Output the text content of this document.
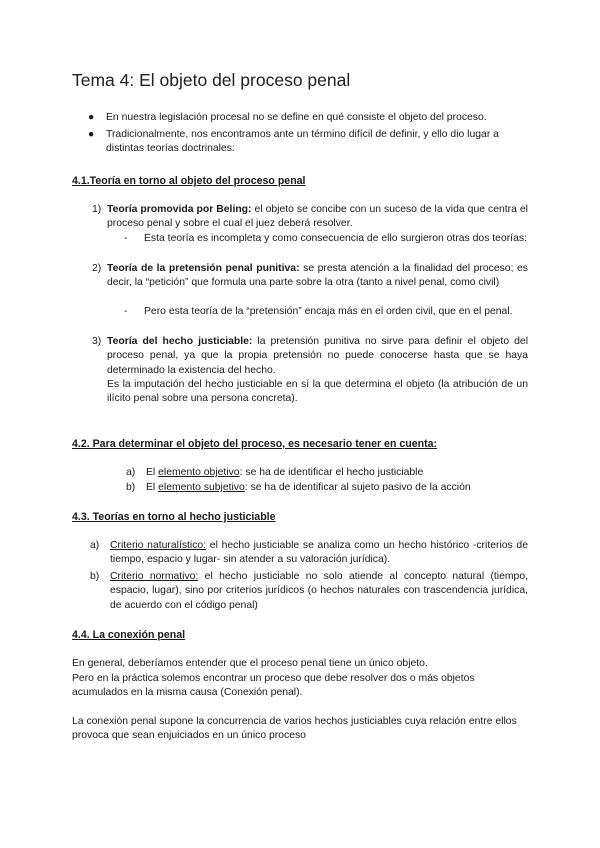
Tema 4: El objeto del proceso penal
● En nuestra legislación procesal no se define en qué consiste el objeto del proceso.
● Tradicionalmente, nos encontramos ante un término difícil de definir, y ello dio lugar a distintas teorías doctrinales:
4.1.Teoría en torno al objeto del proceso penal
1) Teoría promovida por Beling: el objeto se concibe con un suceso de la vida que centra el proceso penal y sobre el cual el juez deberá resolver.
- Esta teoría es incompleta y como consecuencia de ello surgieron otras dos teorías:
2) Teoría de la pretensión penal punitiva: se presta atención a la finalidad del proceso; es decir, la “petición” que formula una parte sobre la otra (tanto a nivel penal, como civil)
- Pero esta teoría de la “pretensión” encaja más en el orden civil, que en el penal.
3) Teoría del hecho justiciable: la pretensión punitiva no sirve para definir el objeto del proceso penal, ya que la propia pretensión no puede conocerse hasta que se haya determinado la existencia del hecho.
Es la imputación del hecho justiciable en sí la que determina el objeto (la atribución de un ilícito penal sobre una persona concreta).
4.2. Para determinar el objeto del proceso, es necesario tener en cuenta:
a) El elemento objetivo: se ha de identificar el hecho justiciable
b) El elemento subjetivo: se ha de identificar al sujeto pasivo de la acción
4.3. Teorías en torno al hecho justiciable
a) Criterio naturalístico: el hecho justiciable se analiza como un hecho histórico -criterios de tiempo, espacio y lugar- sin atender a su valoración jurídica).
b) Criterio normativo: el hecho justiciable no solo atiende al concepto natural (tiempo, espacio, lugar), sino por criterios jurídicos (o hechos naturales con trascendencia jurídica, de acuerdo con el código penal)
4.4. La conexión penal
En general, deberíamos entender que el proceso penal tiene un único objeto.
Pero en la práctica solemos encontrar un proceso que debe resolver dos o más objetos acumulados en la misma causa (Conexión penal).
La conexión penal supone la concurrencia de varios hechos justiciables cuya relación entre ellos provoca que sean enjuiciados en un único proceso
